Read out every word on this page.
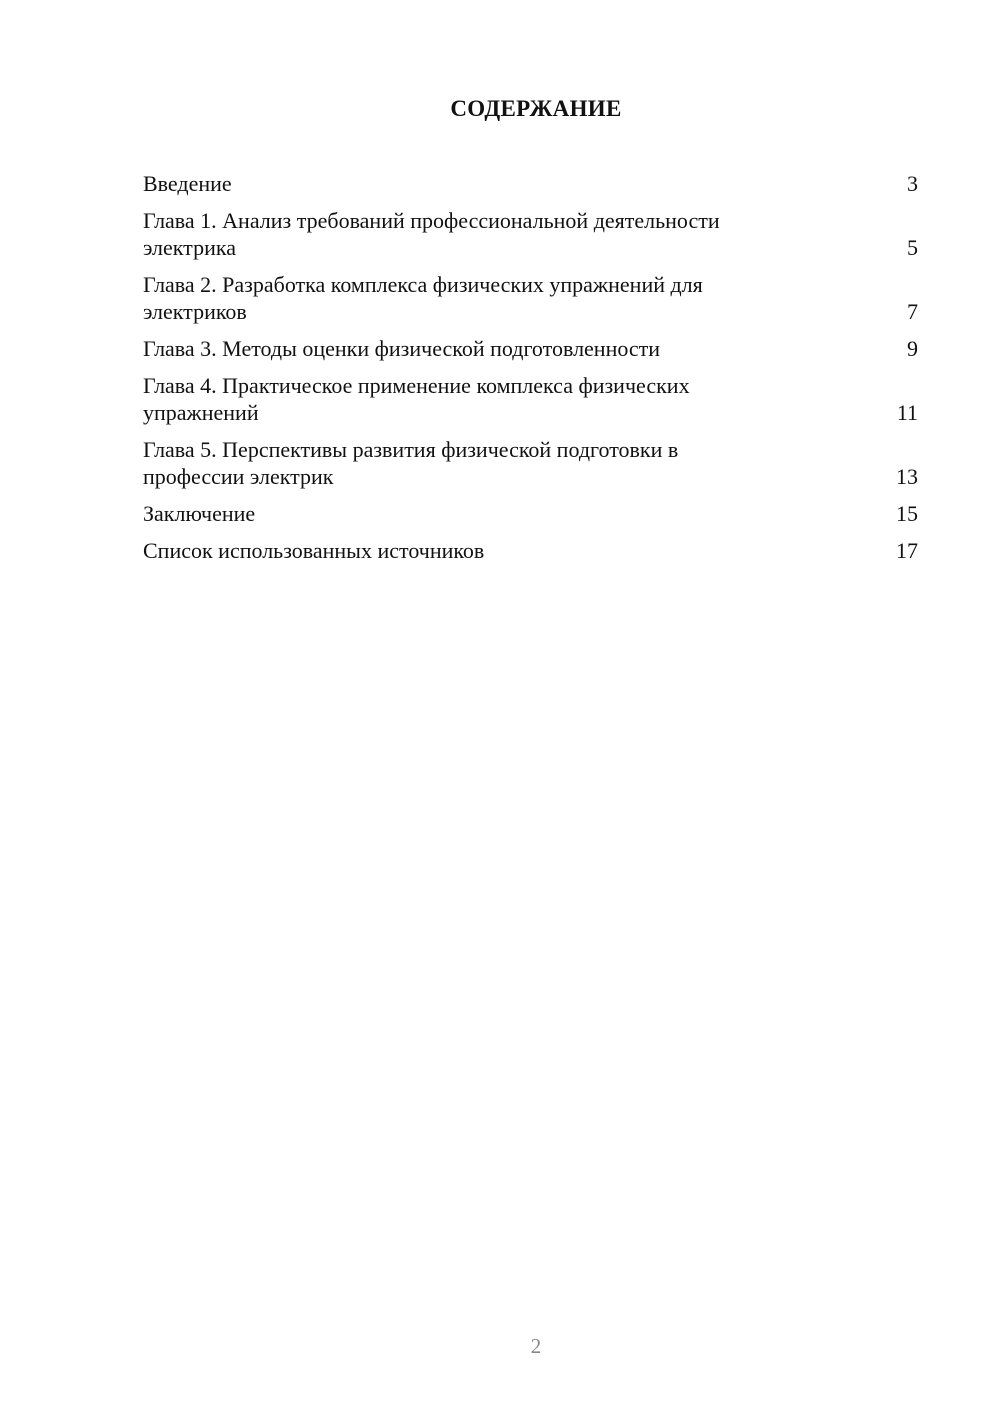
СОДЕРЖАНИЕ
Введение	3
Глава 1. Анализ требований профессиональной деятельности
электрика	5
Глава 2. Разработка комплекса физических упражнений для
электриков	7
Глава 3. Методы оценки физической подготовленности	9
Глава 4. Практическое применение комплекса физических
упражнений	11
Глава 5. Перспективы развития физической подготовки в
профессии электрик	13
Заключение	15
Список использованных источников	17
2
